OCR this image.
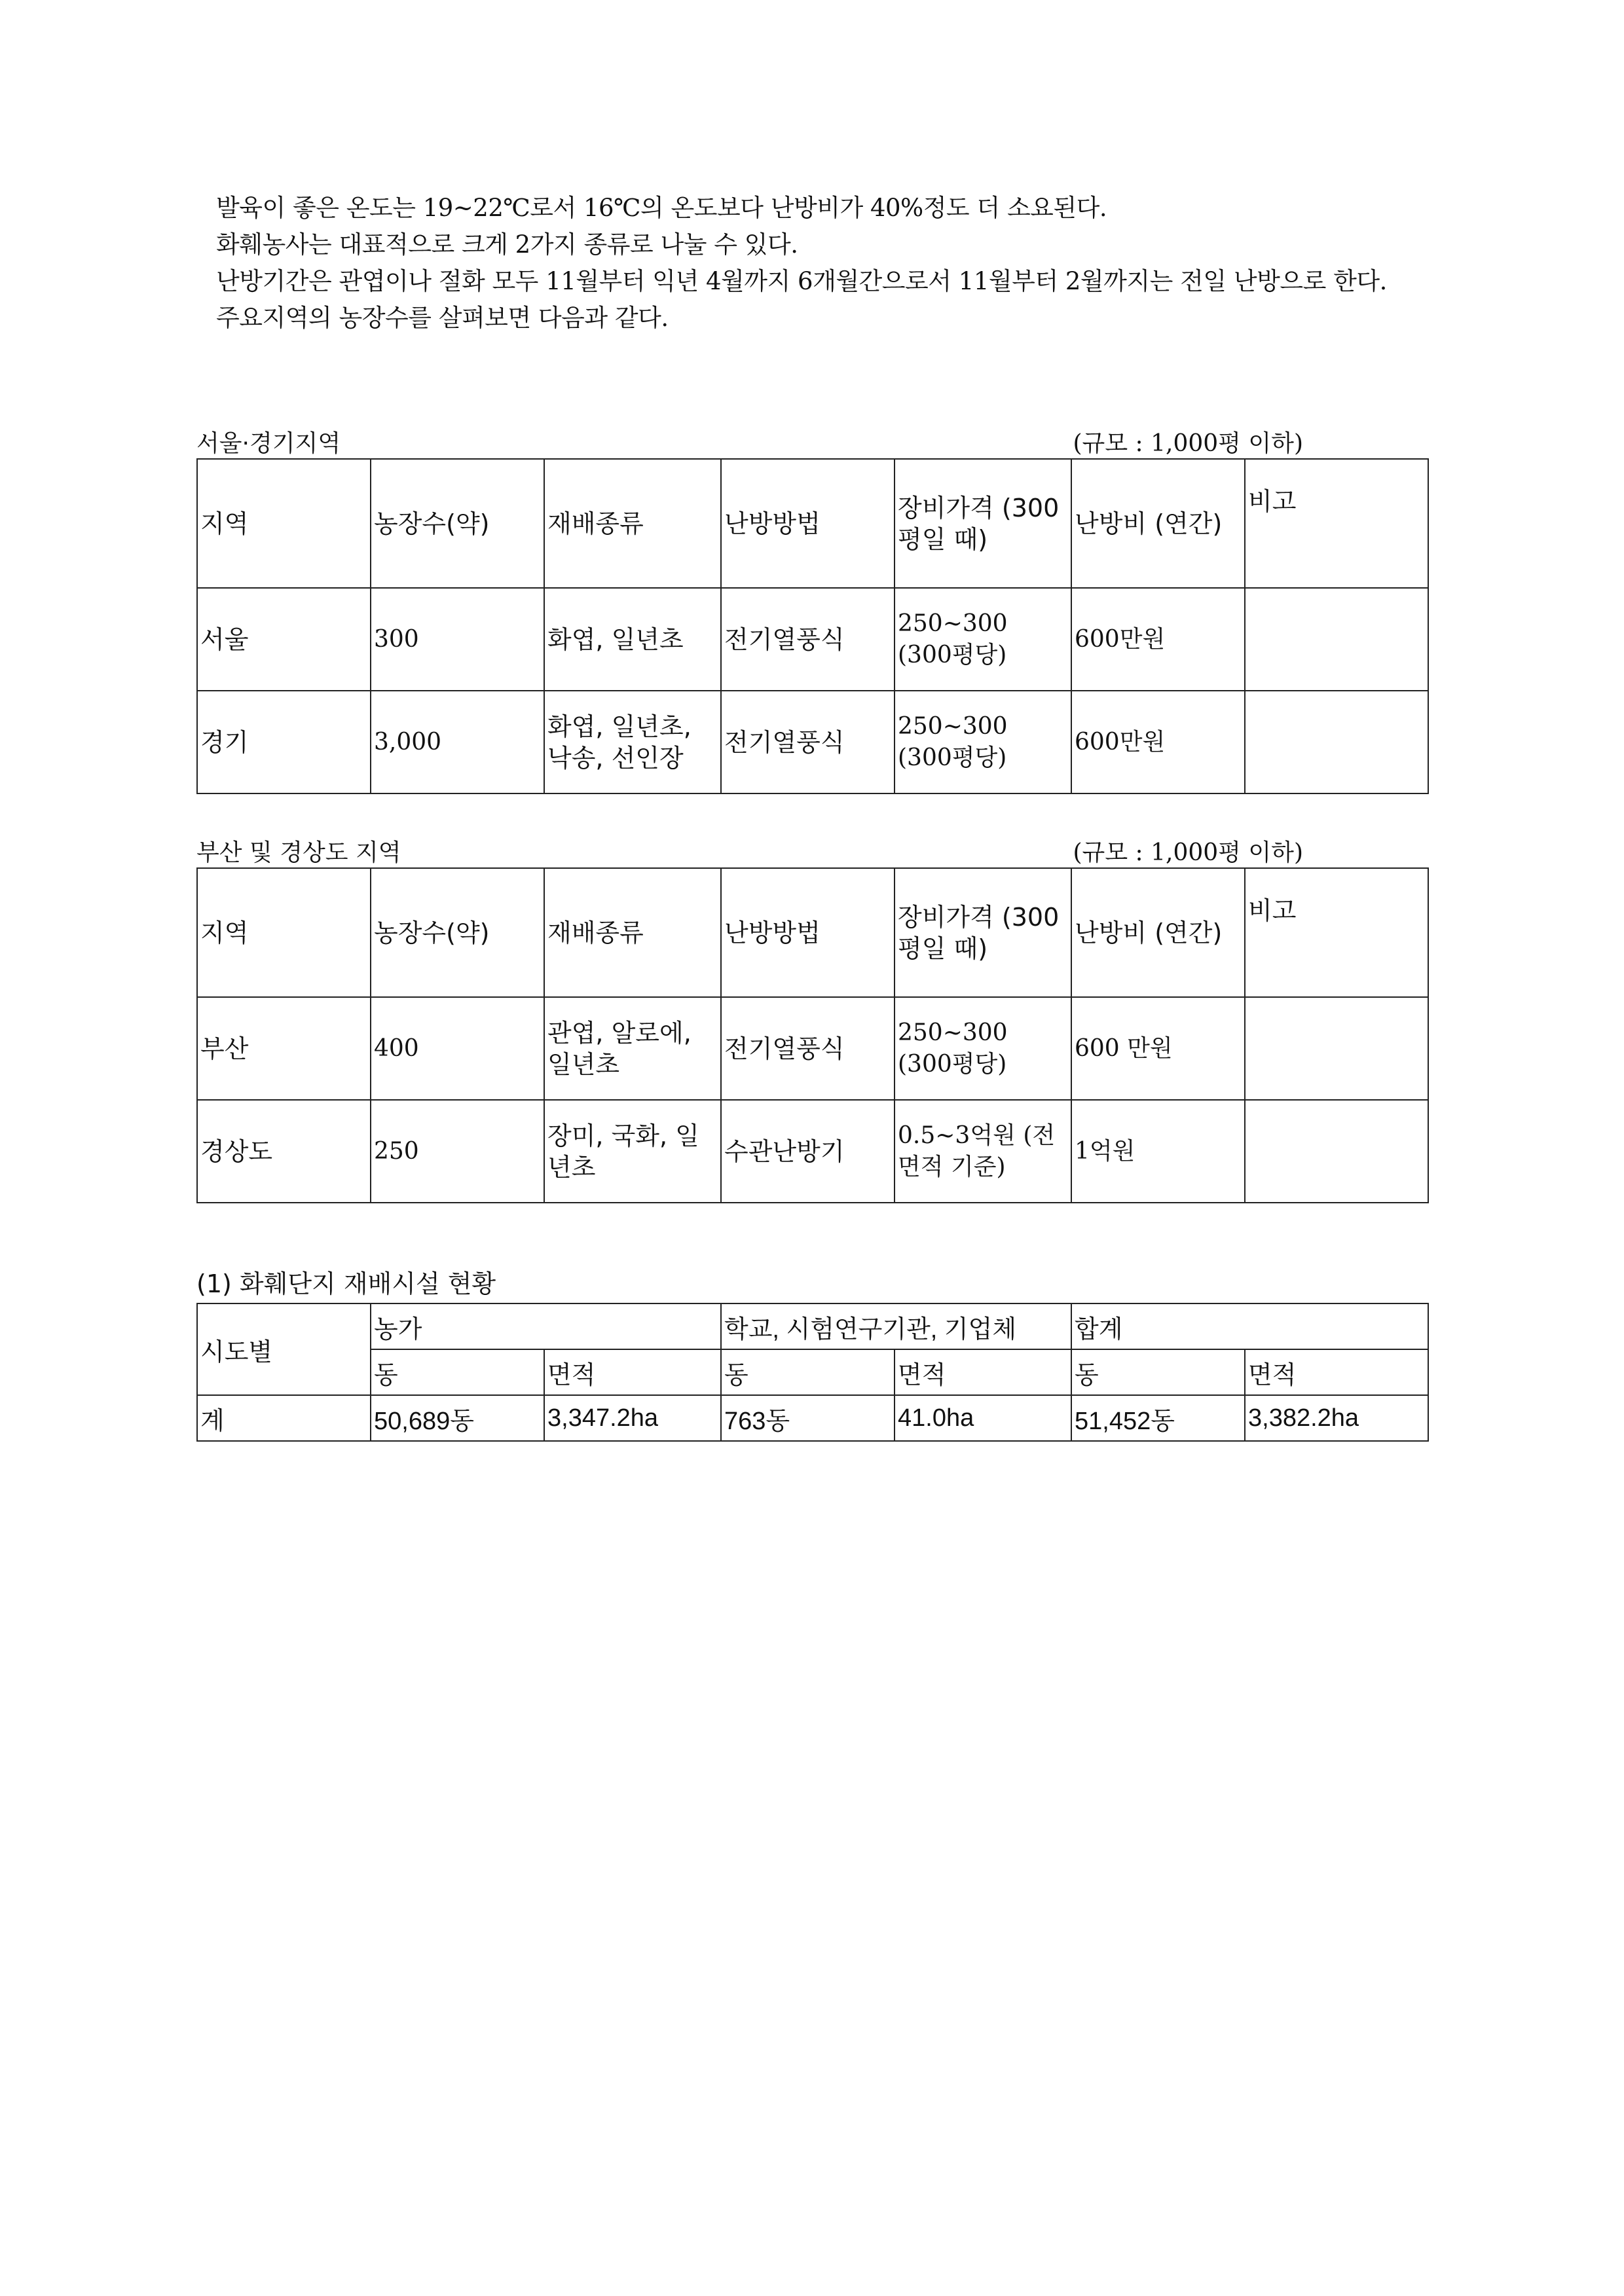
발육이 좋은 온도는 19~22℃로서 16℃의 온도보다 난방비가 40%정도 더 소요된다.

화훼농사는 대표적으로 크게 2가지 종류로 나눌 수 있다.

난방기간은 관엽이나 절화 모두 11월부터 익년 4월까지 6개월간으로서 11월부터 2월까지는 전일 난방으로 한다.

주요지역의 농장수를 살펴보면 다음과 같다.

서울·경기지역	(규모 : 1,000평 이하)
지역	농장수(약)	재배종류	난방방법	장비가격 (300평일 때)	난방비 (연간)	비고
서울	300	화엽, 일년초	전기열풍식	250~300 (300평당)	600만원	
경기	3,000	화엽, 일년초, 낙송, 선인장	전기열풍식	250~300 (300평당)	600만원	
부산 및 경상도 지역	(규모 : 1,000평 이하)
지역	농장수(약)	재배종류	난방방법	장비가격 (300평일 때)	난방비 (연간)	비고
부산	400	관엽, 알로에, 일년초	전기열풍식	250~300 (300평당)	600 만원	
경상도	250	장미, 국화, 일년초	수관난방기	0.5~3억원 (전면적 기준)	1억원	
(1) 화훼단지 재배시설 현황
시도별	농가		학교, 시험연구기관, 기업체		합계	
	동	면적	동	면적	동	면적
계	50,689동	3,347.2ha	763동	41.0ha	51,452동	3,382.2ha
